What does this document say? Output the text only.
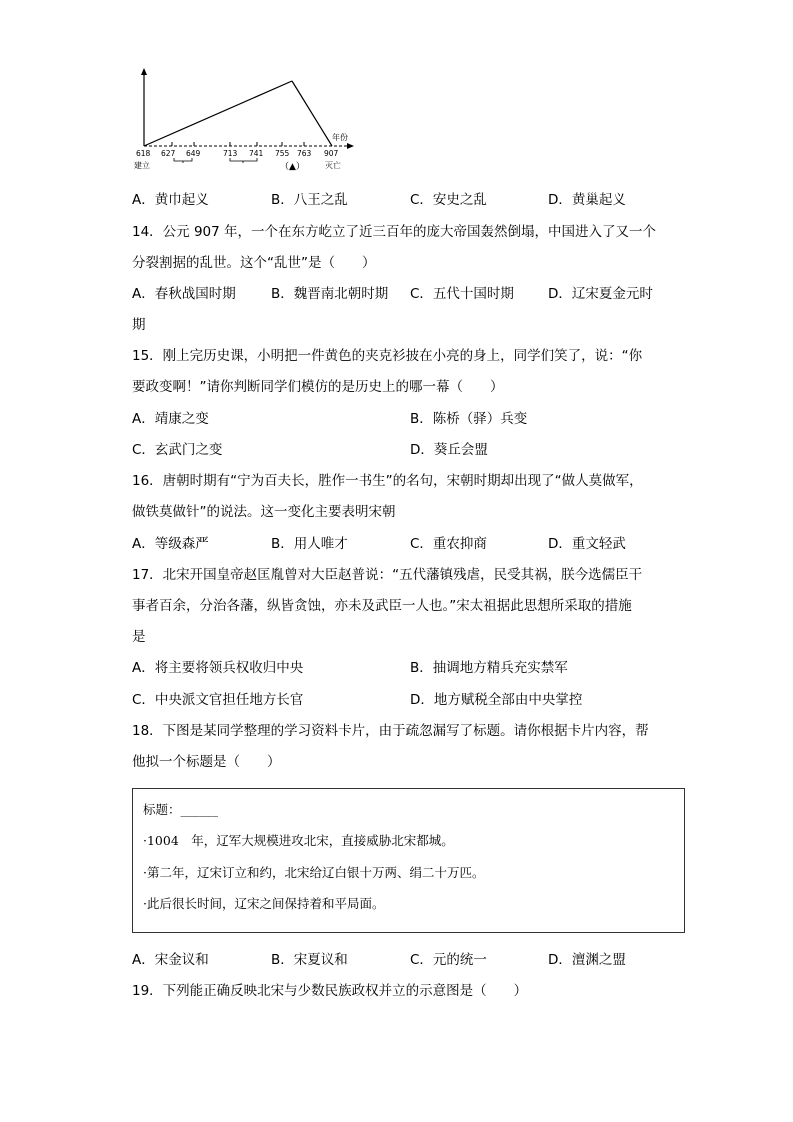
年份
618 627 649	713 741 755 763 907
建立	（▲）	灭亡
A．黄巾起义	B．八王之乱	C．安史之乱	D．黄巢起义
14．公元 907 年，一个在东方屹立了近三百年的庞大帝国轰然倒塌，中国进入了又一个
分裂割据的乱世。这个“乱世”是（　　）
A．春秋战国时期	B．魏晋南北朝时期 C．五代十国时期	D．辽宋夏金元时
期
15．刚上完历史课，小明把一件黄色的夹克衫披在小亮的身上，同学们笑了，说：“你
要政变啊！”请你判断同学们模仿的是历史上的哪一幕（　　）
A．靖康之变	B．陈桥（驿）兵变
C．玄武门之变	D．葵丘会盟
16．唐朝时期有“宁为百夫长，胜作一书生”的名句，宋朝时期却出现了“做人莫做军，
做铁莫做针”的说法。这一变化主要表明宋朝
A．等级森严	B．用人唯才	C．重农抑商	D．重文轻武
17．北宋开国皇帝赵匡胤曾对大臣赵普说：“五代藩镇残虐，民受其祸，朕今选儒臣干
事者百余，分治各藩，纵皆贪蚀，亦未及武臣一人也。”宋太祖据此思想所采取的措施
是
A．将主要将领兵权收归中央	B．抽调地方精兵充实禁军
C．中央派文官担任地方长官	D．地方赋税全部由中央掌控
18．下图是某同学整理的学习资料卡片，由于疏忽漏写了标题。请你根据卡片内容，帮
他拟一个标题是（　　）
标题：______
·1004　年，辽军大规模进攻北宋，直接威胁北宋都城。
·第二年，辽宋订立和约，北宋给辽白银十万两、绢二十万匹。
·此后很长时间，辽宋之间保持着和平局面。
A．宋金议和	B．宋夏议和	C．元的统一	D．澶渊之盟
19．下列能正确反映北宋与少数民族政权并立的示意图是（　　）
